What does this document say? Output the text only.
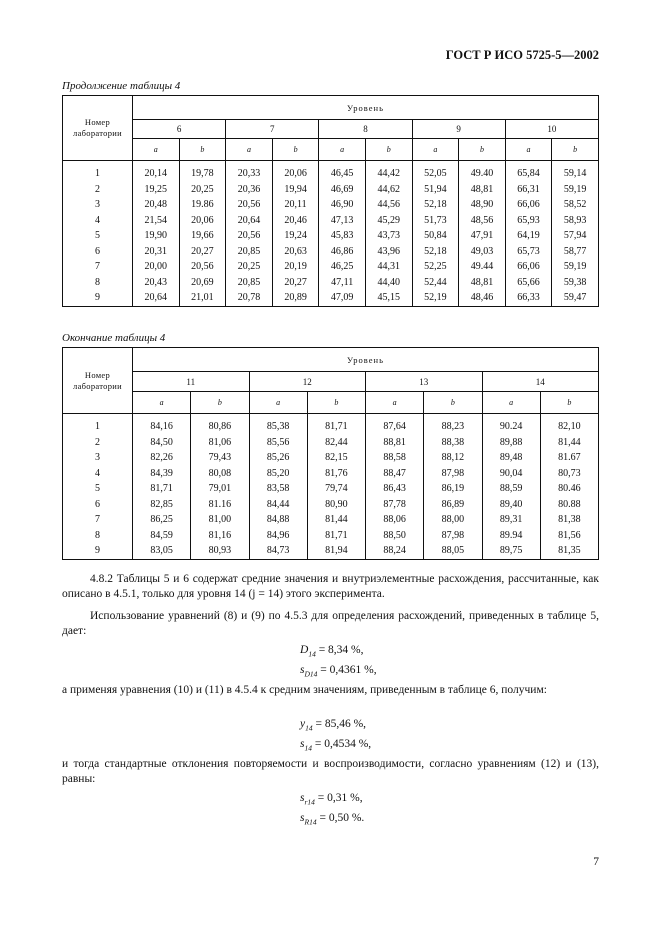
ГОСТ Р ИСО 5725-5—2002
Продолжение таблицы 4
Номер
лаборатории	Уровень									
	6		7		8		9		10	
	a	b	a	b	a	b	a	b	a	b

1	20,14	19,78	20,33	20,06	46,45	44,42	52,05	49.40	65,84	59,14
2	19,25	20,25	20,36	19,94	46,69	44,62	51,94	48,81	66,31	59,19
3	20,48	19.86	20,56	20,11	46,90	44,56	52,18	48,90	66,06	58,52
4	21,54	20,06	20,64	20,46	47,13	45,29	51,73	48,56	65,93	58,93
5	19,90	19,66	20,56	19,24	45,83	43,73	50,84	47,91	64,19	57,94
6	20,31	20,27	20,85	20,63	46,86	43,96	52,18	49,03	65,73	58,77
7	20,00	20,56	20,25	20,19	46,25	44,31	52,25	49.44	66,06	59,19
8	20,43	20,69	20,85	20,27	47,11	44,40	52,44	48,81	65,66	59,38
9	20,64	21,01	20,78	20,89	47,09	45,15	52,19	48,46	66,33	59,47
Окончание таблицы 4
Номер
лаборатории	Уровень							
	11		12		13		14	
	a	b	a	b	a	b	a	b

1	84,16	80,86	85,38	81,71	87,64	88,23	90.24	82,10
2	84,50	81,06	85,56	82,44	88,81	88,38	89,88	81,44
3	82,26	79,43	85,26	82,15	88,58	88,12	89,48	81.67
4	84,39	80,08	85,20	81,76	88,47	87,98	90,04	80,73
5	81,71	79,01	83,58	79,74	86,43	86,19	88,59	80.46
6	82,85	81.16	84,44	80,90	87,78	86,89	89,40	80.88
7	86,25	81,00	84,88	81,44	88,06	88,00	89,31	81,38
8	84,59	81,16	84,96	81,71	88,50	87,98	89.94	81,56
9	83,05	80,93	84,73	81,94	88,24	88,05	89,75	81,35
4.8.2 Таблицы 5 и 6 содержат средние значения и внутриэлементные расхождения, рассчитанные, как описано в 4.5.1, только для уровня 14 (j = 14) этого эксперимента.
Использование уравнений (8) и (9) по 4.5.3 для определения расхождений, приведенных в таблице 5, дает:
$D_{14} = 8,34$ %,
$s_{D14} = 0,4361$ %,
а применяя уравнения (10) и (11) в 4.5.4 к средним значениям, приведенным в таблице 6, получим:
$y_{14} = 85,46$ %,
$s_{14} = 0,4534$ %,
и тогда стандартные отклонения повторяемости и воспроизводимости, согласно уравнениям (12) и (13), равны:
$s_{r14} = 0,31$ %,
$s_{R14} = 0,50$ %.
7
